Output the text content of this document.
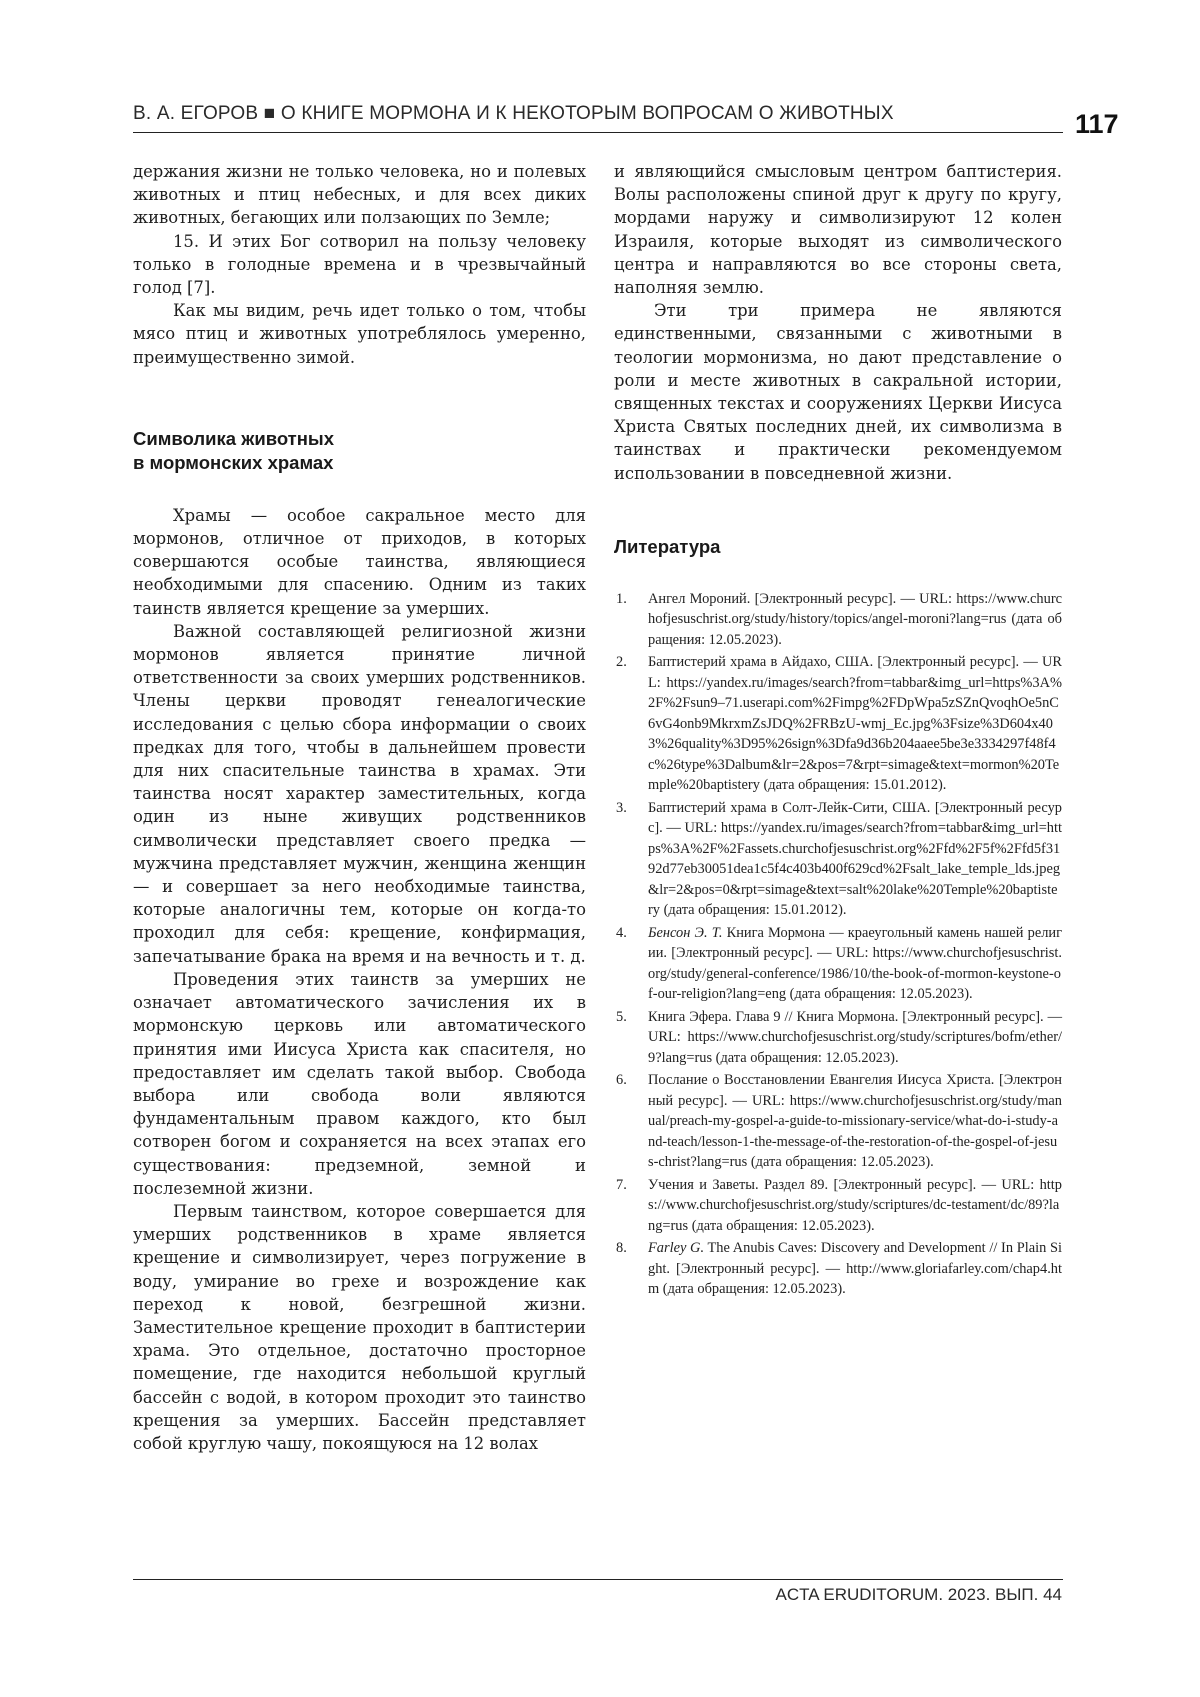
В. А. ЕГОРОВ ■ О КНИГЕ МОРМОНА И К НЕКОТОРЫМ ВОПРОСАМ О ЖИВОТНЫХ	117

держания жизни не только человека, но и полевых животных и птиц небесных, и для всех диких животных, бегающих или ползающих по Земле;

15. И этих Бог сотворил на пользу человеку только в голодные времена и в чрезвычайный голод [7].

Как мы видим, речь идет только о том, чтобы мясо птиц и животных употреблялось умеренно, преимущественно зимой.

Символика животных
в мормонских храмах

Храмы — особое сакральное место для мормонов, отличное от приходов, в которых совершаются особые таинства, являющиеся необходимыми для спасению. Одним из таких таинств является крещение за умерших.

Важной составляющей религиозной жизни мормонов является принятие личной ответственности за своих умерших родственников. Члены церкви проводят генеалогические исследования с целью сбора информации о своих предках для того, чтобы в дальнейшем провести для них спасительные таинства в храмах. Эти таинства носят характер заместительных, когда один из ныне живущих родственников символически представляет своего предка — мужчина представляет мужчин, женщина женщин — и совершает за него необходимые таинства, которые аналогичны тем, которые он когда-то проходил для себя: крещение, конфирмация, запечатывание брака на время и на вечность и т. д.

Проведения этих таинств за умерших не означает автоматического зачисления их в мормонскую церковь или автоматического принятия ими Иисуса Христа как спасителя, но предоставляет им сделать такой выбор. Свобода выбора или свобода воли являются фундаментальным правом каждого, кто был сотворен богом и сохраняется на всех этапах его существования: предземной, земной и послеземной жизни.

Первым таинством, которое совершается для умерших родственников в храме является крещение и символизирует, через погружение в воду, умирание во грехе и возрождение как переход к новой, безгрешной жизни. Заместительное крещение проходит в баптистерии храма. Это отдельное, достаточно просторное помещение, где находится небольшой круглый бассейн с водой, в котором проходит это таинство крещения за умерших. Бассейн представляет собой круглую чашу, покоящуюся на 12 волах

и являющийся смысловым центром баптистерия. Волы расположены спиной друг к другу по кругу, мордами наружу и символизируют 12 колен Израиля, которые выходят из символического центра и направляются во все стороны света, наполняя землю.

Эти три примера не являются единственными, связанными с животными в теологии мормонизма, но дают представление о роли и месте животных в сакральной истории, священных текстах и сооружениях Церкви Иисуса Христа Святых последних дней, их символизма в таинствах и практически рекомендуемом использовании в повседневной жизни.

Литература
1. Ангел Мороний. [Электронный ресурс]. — URL: https://www.churchofjesuschrist.org/study/history/topics/angel-moroni?lang=rus (дата обращения: 12.05.2023).
2. Баптистерий храма в Айдахо, США. [Электронный ресурс]. — URL: https://yandex.ru/images/search?from=tabbar&img_url=https%3A%2F%2Fsun9–71.userapi.com%2Fimpg%2FDpWpa5zSZnQvoqhOe5nC6vG4onb9MkrxmZsJDQ%2FRBzU-wmj_Ec.jpg%3Fsize%3D604x403%26quality%3D95%26sign%3Dfa9d36b204aaee5be3e3334297f48f4c%26type%3Dalbum&lr=2&pos=7&rpt=simage&text=mormon%20Temple%20baptistery (дата обращения: 15.01.2012).
3. Баптистерий храма в Солт-Лейк-Сити, США. [Электронный ресурс]. — URL: https://yandex.ru/images/search?from=tabbar&img_url=https%3A%2F%2Fassets.churchofjesuschrist.org%2Ffd%2F5f%2Ffd5f3192d77eb30051dea1c5f4c403b400f629cd%2Fsalt_lake_temple_lds.jpeg&lr=2&pos=0&rpt=simage&text=salt%20lake%20Temple%20baptistery (дата обращения: 15.01.2012).
4. Бенсон Э. Т. Книга Мормона — краеугольный камень нашей религии. [Электронный ресурс]. — URL: https://www.churchofjesuschrist.org/study/general-conference/1986/10/the-book-of-mormon-keystone-of-our-religion?lang=eng (дата обращения: 12.05.2023).
5. Книга Эфера. Глава 9 // Книга Мормона. [Электронный ресурс]. — URL: https://www.churchofjesuschrist.org/study/scriptures/bofm/ether/9?lang=rus (дата обращения: 12.05.2023).
6. Послание о Восстановлении Евангелия Иисуса Христа. [Электронный ресурс]. — URL: https://www.churchofjesuschrist.org/study/manual/preach-my-gospel-a-guide-to-missionary-service/what-do-i-study-and-teach/lesson-1-the-message-of-the-restoration-of-the-gospel-of-jesus-christ?lang=rus (дата обращения: 12.05.2023).
7. Учения и Заветы. Раздел 89. [Электронный ресурс]. — URL: https://www.churchofjesuschrist.org/study/scriptures/dc-testament/dc/89?lang=rus (дата обращения: 12.05.2023).
8. Farley G. The Anubis Caves: Discovery and Development // In Plain Sight. [Электронный ресурс]. — http://www.gloriafarley.com/chap4.htm (дата обращения: 12.05.2023).
ACTA ERUDITORUM. 2023. ВЫП. 44
